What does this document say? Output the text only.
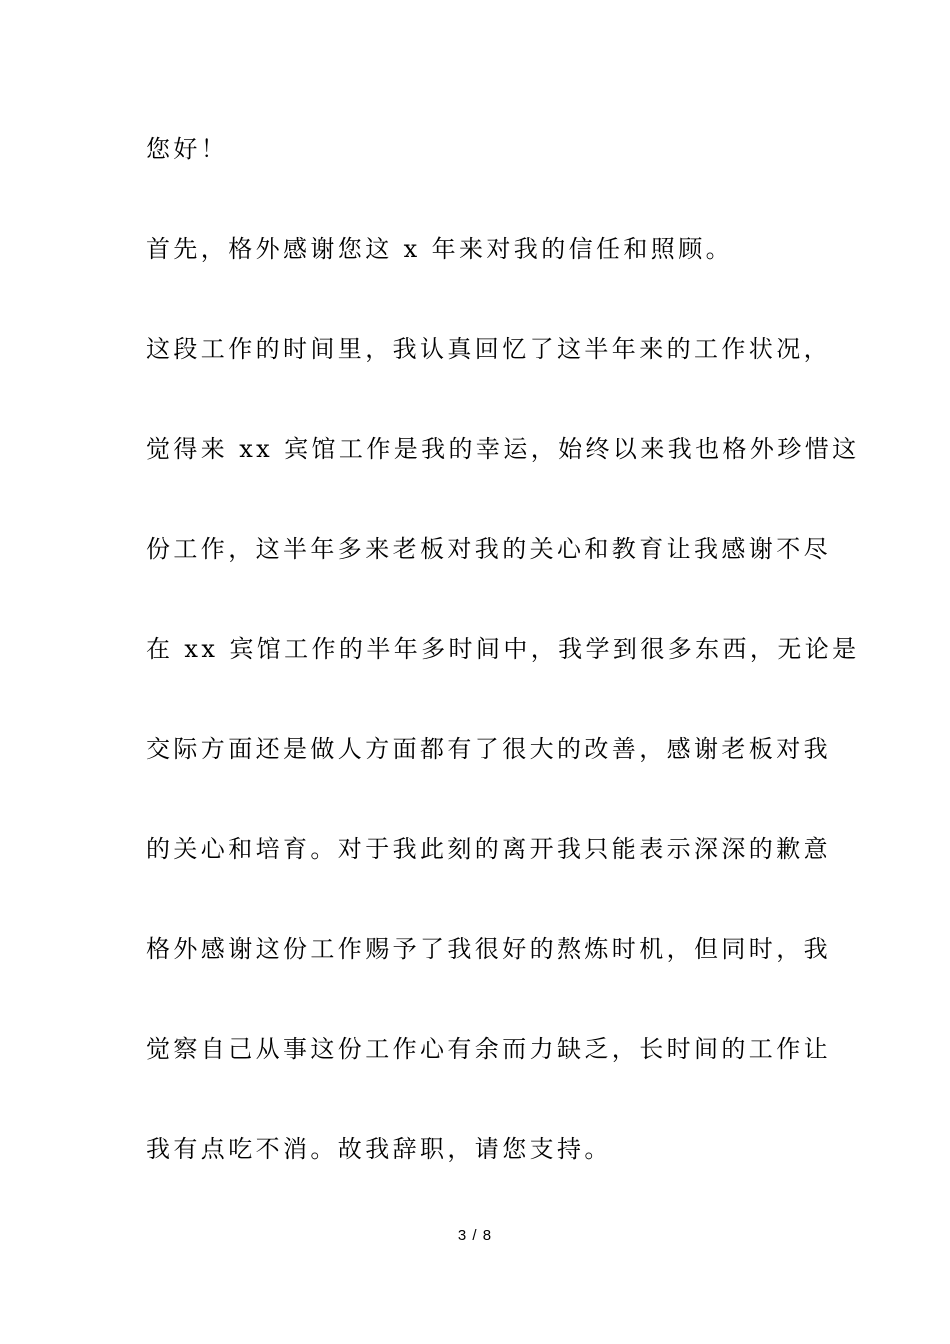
您好！
首先，格外感谢您这 x 年来对我的信任和照顾。
这段工作的时间里，我认真回忆了这半年来的工作状况，
觉得来 xx 宾馆工作是我的幸运，始终以来我也格外珍惜这
份工作，这半年多来老板对我的关心和教育让我感谢不尽
在 xx 宾馆工作的半年多时间中，我学到很多东西，无论是
交际方面还是做人方面都有了很大的改善，感谢老板对我
的关心和培育。对于我此刻的离开我只能表示深深的歉意
格外感谢这份工作赐予了我很好的熬炼时机，但同时，我
觉察自己从事这份工作心有余而力缺乏，长时间的工作让
我有点吃不消。故我辞职，请您支持。
3 / 8
